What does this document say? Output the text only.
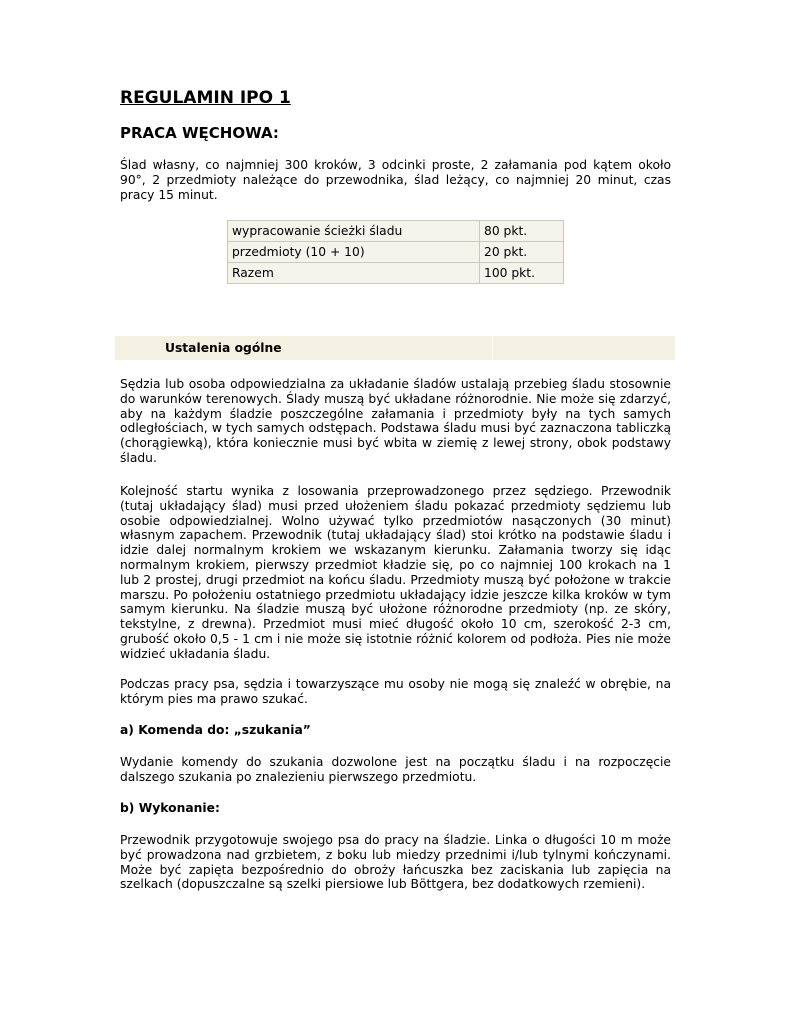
REGULAMIN IPO 1
PRACA WĘCHOWA:

Ślad własny, co najmniej 300 kroków, 3 odcinki proste, 2 załamania pod kątem około 90°, 2 przedmioty należące do przewodnika, ślad leżący, co najmniej 20 minut, czas pracy 15 minut.

wypracowanie ścieżki śladu	80 pkt.
przedmioty (10 + 10)	20 pkt.
Razem	100 pkt.
Ustalenia ogólne

Sędzia lub osoba odpowiedzialna za układanie śladów ustalają przebieg śladu stosownie do warunków terenowych. Ślady muszą być układane różnorodnie. Nie może się zdarzyć, aby na każdym śladzie poszczególne załamania i przedmioty były na tych samych odległościach, w tych samych odstępach. Podstawa śladu musi być zaznaczona tabliczką (chorągiewką), która koniecznie musi być wbita w ziemię z lewej strony, obok podstawy śladu.

Kolejność startu wynika z losowania przeprowadzonego przez sędziego. Przewodnik (tutaj układający ślad) musi przed ułożeniem śladu pokazać przedmioty sędziemu lub osobie odpowiedzialnej. Wolno używać tylko przedmiotów nasączonych (30 minut) własnym zapachem. Przewodnik (tutaj układający ślad) stoi krótko na podstawie śladu i idzie dalej normalnym krokiem we wskazanym kierunku. Załamania tworzy się idąc normalnym krokiem, pierwszy przedmiot kładzie się, po co najmniej 100 krokach na 1 lub 2 prostej, drugi przedmiot na końcu śladu. Przedmioty muszą być położone w trakcie marszu. Po położeniu ostatniego przedmiotu układający idzie jeszcze kilka kroków w tym samym kierunku. Na śladzie muszą być ułożone różnorodne przedmioty (np. ze skóry, tekstylne, z drewna). Przedmiot musi mieć długość około 10 cm, szerokość 2-3 cm, grubość około 0,5 - 1 cm i nie może się istotnie różnić kolorem od podłoża. Pies nie może widzieć układania śladu.

Podczas pracy psa, sędzia i towarzyszące mu osoby nie mogą się znaleźć w obrębie, na którym pies ma prawo szukać.

a) Komenda do: „szukania”

Wydanie komendy do szukania dozwolone jest na początku śladu i na rozpoczęcie dalszego szukania po znalezieniu pierwszego przedmiotu.

b) Wykonanie:

Przewodnik przygotowuje swojego psa do pracy na śladzie. Linka o długości 10 m może być prowadzona nad grzbietem, z boku lub miedzy przednimi i/lub tylnymi kończynami. Może być zapięta bezpośrednio do obroży łańcuszka bez zaciskania lub zapięcia na szelkach (dopuszczalne są szelki piersiowe lub Böttgera, bez dodatkowych rzemieni).
